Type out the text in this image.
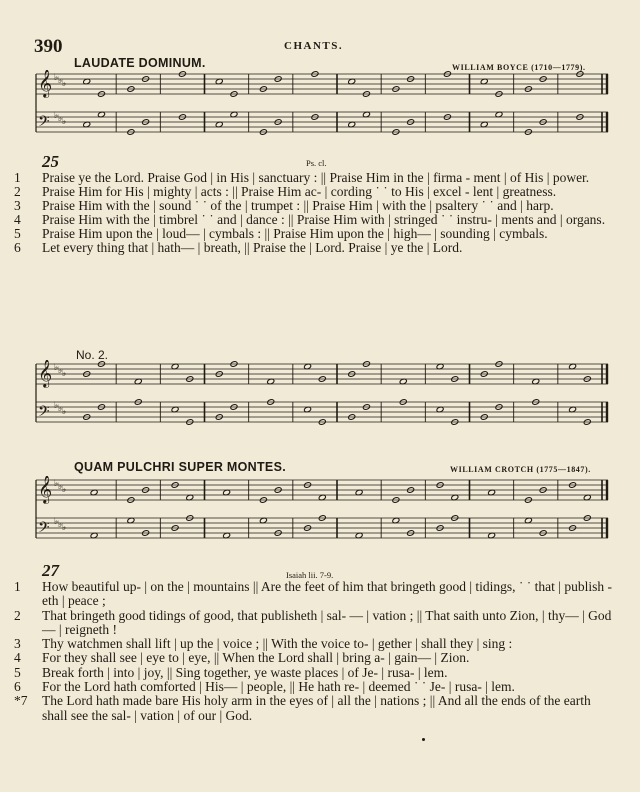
390	CHANTS.
LAUDATE DOMINUM.	WILLIAM BOYCE (1710—1779).
𝄞 ♭ ♭ ♭
𝄢 ♭ ♭ ♭
25	Ps. cl.
1	Praise ye the Lord. Praise God | in His | sanctuary : || Praise Him in the | firma - ment | of His | power.
2	Praise Him for His | mighty | acts : || Praise Him ac- | cording ˙ ˙ to His | excel - lent | greatness.
3	Praise Him with the | sound ˙ ˙ of the | trumpet : || Praise Him | with the | psaltery ˙ ˙ and | harp.
4	Praise Him with the | timbrel ˙ ˙ and | dance : || Praise Him with | stringed ˙ ˙ instru- | ments and | organs.
5	Praise Him upon the | loud— | cymbals : || Praise Him upon the | high— | sounding | cymbals.
6	Let every thing that | hath— | breath, || Praise the | Lord. Praise | ye the | Lord.
No. 2.
𝄞 ♭ ♭ ♭
𝄢 ♭ ♭ ♭
QUAM PULCHRI SUPER MONTES.	WILLIAM CROTCH (1775—1847).
𝄞 ♭ ♭ ♭
𝄢 ♭ ♭ ♭
27	Isaiah lii. 7-9.
1	How beautiful up- | on the | mountains || Are the feet of him that bringeth good | tidings, ˙ ˙ that | publish - eth | peace ;
2	That bringeth good tidings of good, that publisheth | sal- — | vation ; || That saith unto Zion, | thy— | God— | reigneth !
3	Thy watchmen shall lift | up the | voice ; || With the voice to- | gether | shall they | sing :
4	For they shall see | eye to | eye, || When the Lord shall | bring a- | gain— | Zion.
5	Break forth | into | joy, || Sing together, ye waste places | of Je- | rusa- | lem.
6	For the Lord hath comforted | His— | people, || He hath re- | deemed ˙ ˙ Je- | rusa- | lem.
*7	The Lord hath made bare His holy arm in the eyes of | all the | nations ; || And all the ends of the earth shall see the sal- | vation | of our | God.
